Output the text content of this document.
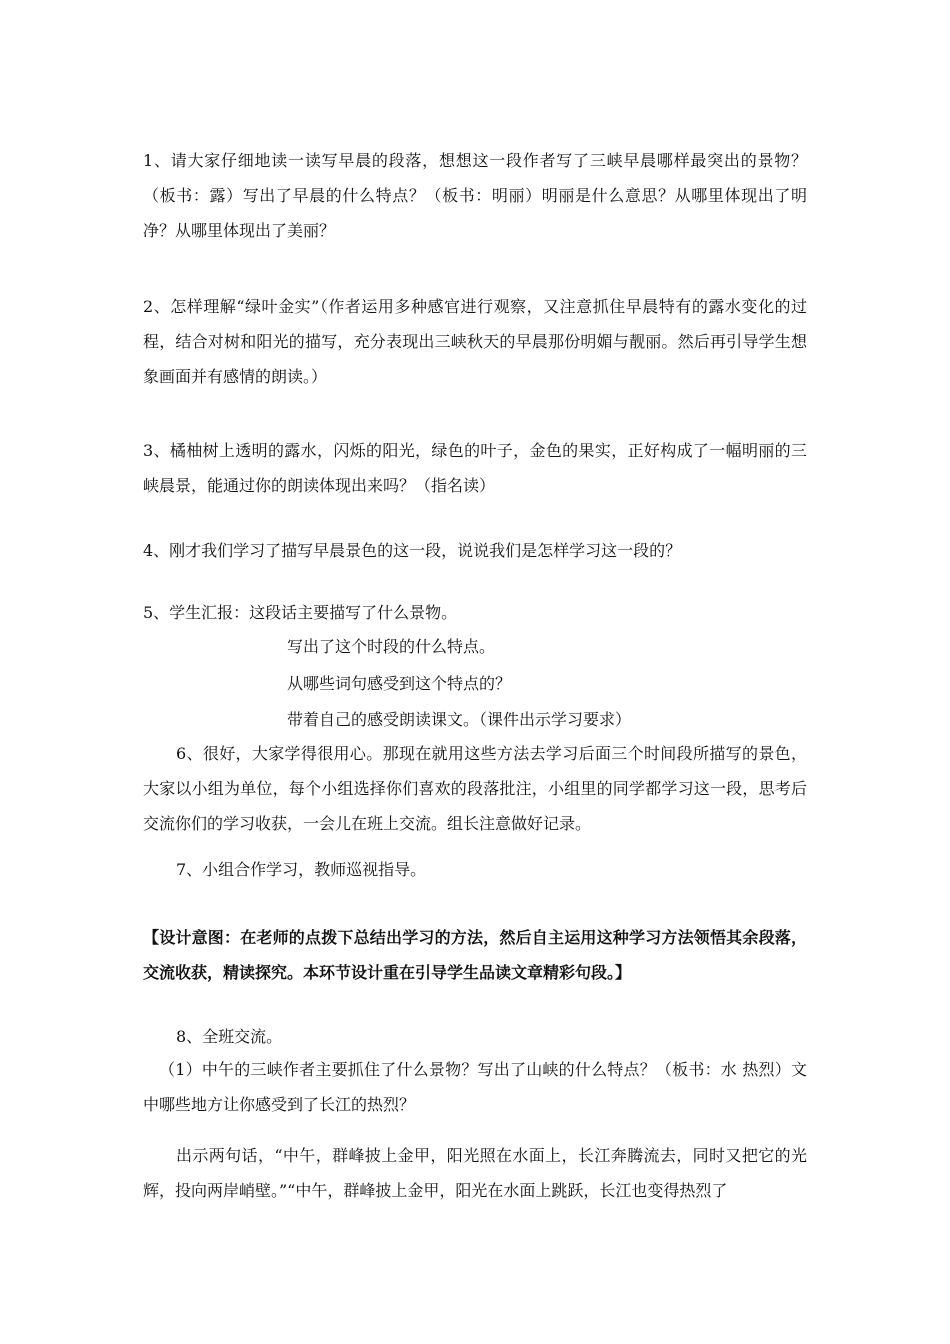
1、请大家仔细地读一读写早晨的段落，想想这一段作者写了三峡早晨哪样最突出的景物？（板书：露）写出了早晨的什么特点？（板书：明丽）明丽是什么意思？从哪里体现出了明净？从哪里体现出了美丽？
2、怎样理解“绿叶金实”（作者运用多种感官进行观察，又注意抓住早晨特有的露水变化的过程，结合对树和阳光的描写，充分表现出三峡秋天的早晨那份明媚与靓丽。然后再引导学生想象画面并有感情的朗读。）
3、橘柚树上透明的露水，闪烁的阳光，绿色的叶子，金色的果实，正好构成了一幅明丽的三峡晨景，能通过你的朗读体现出来吗？（指名读）
4、刚才我们学习了描写早晨景色的这一段，说说我们是怎样学习这一段的？
5、学生汇报：这段话主要描写了什么景物。
写出了这个时段的什么特点。
从哪些词句感受到这个特点的？
带着自己的感受朗读课文。（课件出示学习要求）
6、很好，大家学得很用心。那现在就用这些方法去学习后面三个时间段所描写的景色，大家以小组为单位，每个小组选择你们喜欢的段落批注，小组里的同学都学习这一段，思考后交流你们的学习收获，一会儿在班上交流。组长注意做好记录。
7、小组合作学习，教师巡视指导。
【设计意图：在老师的点拨下总结出学习的方法，然后自主运用这种学习方法领悟其余段落，交流收获，精读探究。本环节设计重在引导学生品读文章精彩句段。】
8、全班交流。
（1）中午的三峡作者主要抓住了什么景物？写出了山峡的什么特点？（板书：水 热烈）文中哪些地方让你感受到了长江的热烈？
出示两句话，“中午，群峰披上金甲，阳光照在水面上，长江奔腾流去，同时又把它的光辉，投向两岸峭壁。”“中午，群峰披上金甲，阳光在水面上跳跃，长江也变得热烈了
